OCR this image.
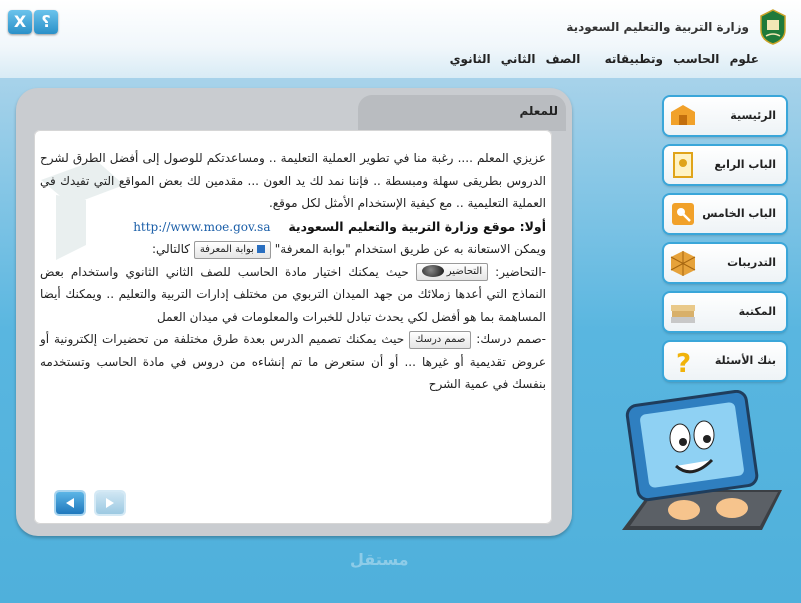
X ؟	وزارة التربية والتعليم السعودية
علوم الحاسب وتطبيقاته الصف الثاني الثانوي
للمعلم
عزيزي المعلم .... رغبة منا في تطوير العملية التعليمة .. ومساعدتكم للوصول إلى أفضل الطرق لشرح الدروس بطريقى سهلة ومبسطة .. فإننا نمد لك يد العون ... مقدمين لك بعض المواقع التي تفيدك في العملية التعليمية .. مع كيفية الإستخدام الأمثل لكل موقع.
أولا: موقع وزارة التربية والتعليم السعودية http://www.moe.gov.sa
ويمكن الاستعانة به عن طريق استخدام "بوابة المعرفة" بوابة المعرفة كالتالي:
-التحاضير: التحاضير حيث يمكنك اختيار مادة الحاسب للصف الثاني الثانوي واستخدام بعض النماذج التي أعدها زملائك من جهد الميدان التربوي من مختلف إدارات التربية والتعليم .. ويمكنك أيضا المساهمة بما هو أفضل لكي يحدث تبادل للخبرات والمعلومات في ميدان العمل
-صمم درسك: صمم درسك حيث يمكنك تصميم الدرس بعدة طرق مختلفة من تحضيرات إلكترونية أو عروض تقديمية أو غيرها ... أو أن ستعرض ما تم إنشاءه من دروس في مادة الحاسب وتستخدمه بنفسك في عمية الشرح
الرئيسية
الباب الرابع
الباب الخامس
التدريبات
المكتبة
? بنك الأسئلة
مستقل
